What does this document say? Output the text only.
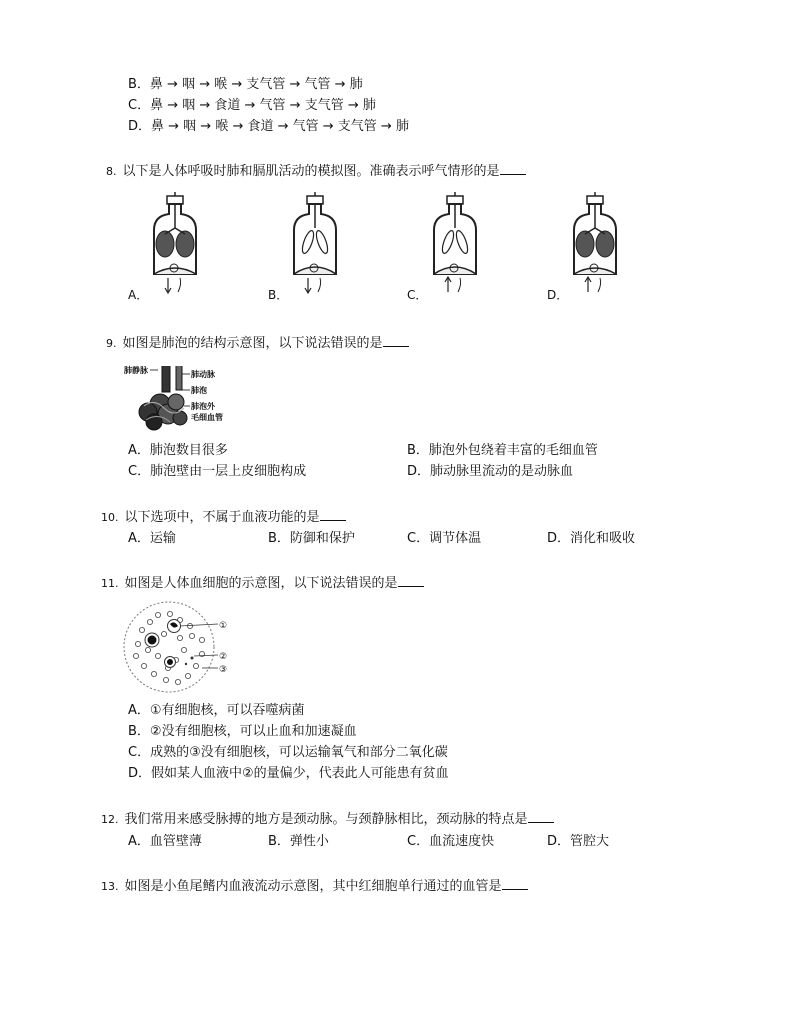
B．鼻 → 咽 → 喉 → 支气管 → 气管 → 肺
C．鼻 → 咽 → 食道 → 气管 → 支气管 → 肺
D．鼻 → 咽 → 喉 → 食道 → 气管 → 支气管 → 肺
8. 以下是人体呼吸时肺和膈肌活动的模拟图。准确表示呼气情形的是
A．	B．	C．	D．
9. 如图是肺泡的结构示意图，以下说法错误的是
肺静脉	肺动脉
肺泡
肺泡外
毛细血管
A．肺泡数目很多	B．肺泡外包绕着丰富的毛细血管
C．肺泡壁由一层上皮细胞构成	D．肺动脉里流动的是动脉血
10. 以下选项中，不属于血液功能的是
A．运输	B．防御和保护	C．调节体温	D．消化和吸收
11. 如图是人体血细胞的示意图，以下说法错误的是
①
②
③
A．①有细胞核，可以吞噬病菌
B．②没有细胞核，可以止血和加速凝血
C．成熟的③没有细胞核，可以运输氧气和部分二氧化碳
D．假如某人血液中②的量偏少，代表此人可能患有贫血
12. 我们常用来感受脉搏的地方是颈动脉。与颈静脉相比，颈动脉的特点是
A．血管壁薄	B．弹性小	C．血流速度快	D．管腔大
13. 如图是小鱼尾鳍内血液流动示意图，其中红细胞单行通过的血管是
